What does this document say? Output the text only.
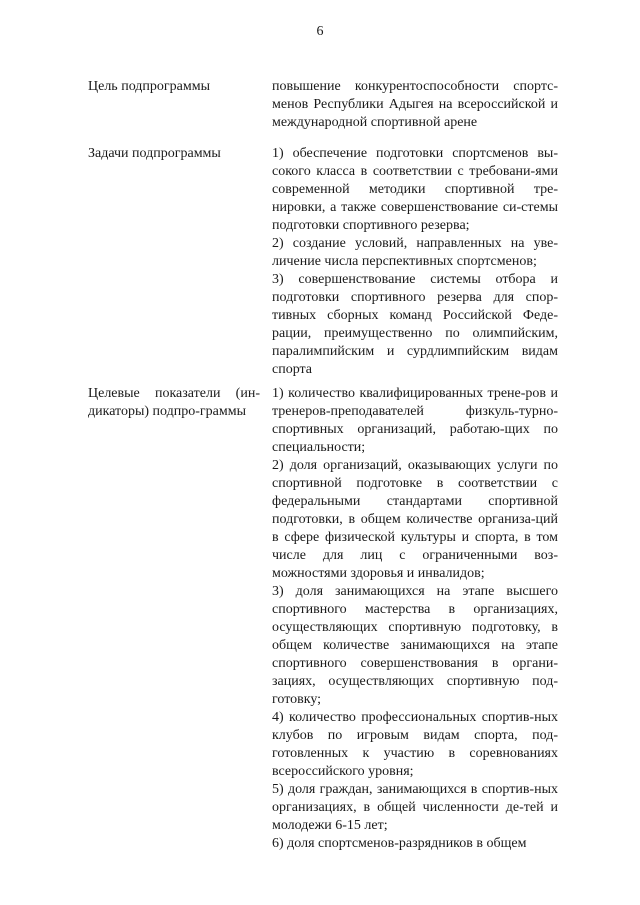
6
Цель подпрограммы	повышение конкурентоспособности спортс-менов Республики Адыгея на всероссийской и международной спортивной арене
Задачи подпрограммы	1) обеспечение подготовки спортсменов вы-сокого класса в соответствии с требовани-ями современной методики спортивной тре-нировки, а также совершенствование си-стемы подготовки спортивного резерва;
2) создание условий, направленных на уве-личение числа перспективных спортсменов;
3) совершенствование системы отбора и подготовки спортивного резерва для спор-тивных сборных команд Российской Феде-рации, преимущественно по олимпийским, паралимпийским и сурдлимпийским видам спорта
Целевые показатели (ин-дикаторы) подпро-граммы
1) количество квалифицированных трене-ров и тренеров-преподавателей физкуль-турно-спортивных организаций, работаю-щих по специальности;
2) доля организаций, оказывающих услуги по спортивной подготовке в соответствии с федеральными стандартами спортивной подготовки, в общем количестве организа-ций в сфере физической культуры и спорта, в том числе для лиц с ограниченными воз-можностями здоровья и инвалидов;
3) доля занимающихся на этапе высшего спортивного мастерства в организациях, осуществляющих спортивную подготовку, в общем количестве занимающихся на этапе спортивного совершенствования в органи-зациях, осуществляющих спортивную под-готовку;
4) количество профессиональных спортив-ных клубов по игровым видам спорта, под-готовленных к участию в соревнованиях всероссийского уровня;
5) доля граждан, занимающихся в спортив-ных организациях, в общей численности де-тей и молодежи 6-15 лет;
6) доля спортсменов-разрядников в общем
